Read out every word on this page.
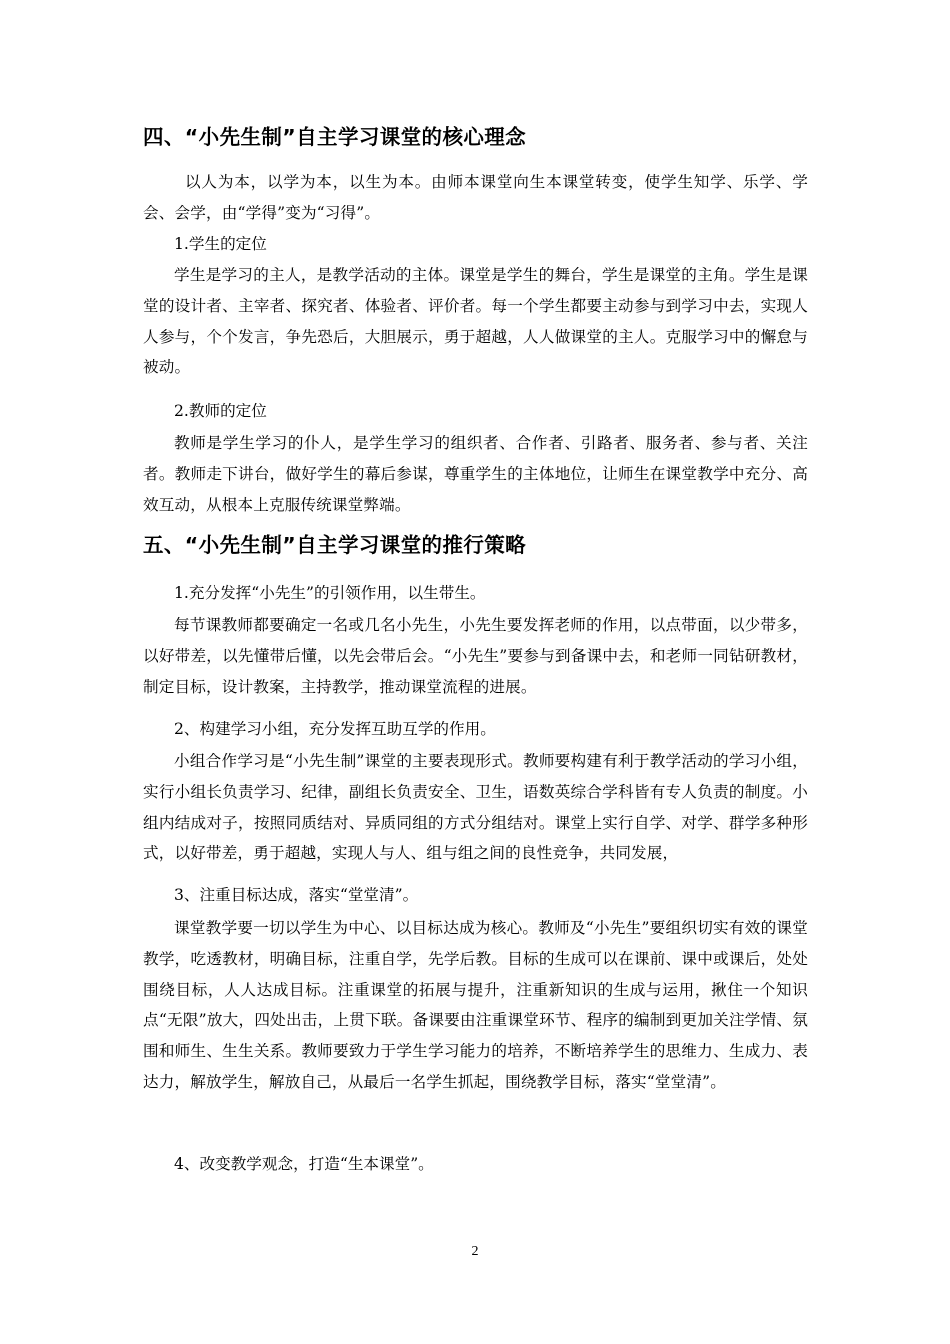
四、“小先生制”自主学习课堂的核心理念

以人为本，以学为本，以生为本。由师本课堂向生本课堂转变，使学生知学、乐学、学会、会学，由“学得”变为“习得”。

1.学生的定位

学生是学习的主人，是教学活动的主体。课堂是学生的舞台，学生是课堂的主角。学生是课堂的设计者、主宰者、探究者、体验者、评价者。每一个学生都要主动参与到学习中去，实现人人参与，个个发言，争先恐后，大胆展示，勇于超越，人人做课堂的主人。克服学习中的懈怠与被动。

2.教师的定位

教师是学生学习的仆人，是学生学习的组织者、合作者、引路者、服务者、参与者、关注者。教师走下讲台，做好学生的幕后参谋，尊重学生的主体地位，让师生在课堂教学中充分、高效互动，从根本上克服传统课堂弊端。

五、“小先生制”自主学习课堂的推行策略

1.充分发挥“小先生”的引领作用，以生带生。

每节课教师都要确定一名或几名小先生，小先生要发挥老师的作用，以点带面，以少带多，以好带差，以先懂带后懂，以先会带后会。“小先生”要参与到备课中去，和老师一同钻研教材，制定目标，设计教案，主持教学，推动课堂流程的进展。

2、构建学习小组，充分发挥互助互学的作用。

小组合作学习是“小先生制”课堂的主要表现形式。教师要构建有利于教学活动的学习小组，实行小组长负责学习、纪律，副组长负责安全、卫生，语数英综合学科皆有专人负责的制度。小组内结成对子，按照同质结对、异质同组的方式分组结对。课堂上实行自学、对学、群学多种形式，以好带差，勇于超越，实现人与人、组与组之间的良性竞争，共同发展，

3、注重目标达成，落实“堂堂清”。

课堂教学要一切以学生为中心、以目标达成为核心。教师及“小先生”要组织切实有效的课堂教学，吃透教材，明确目标，注重自学，先学后教。目标的生成可以在课前、课中或课后，处处围绕目标，人人达成目标。注重课堂的拓展与提升，注重新知识的生成与运用，揪住一个知识点“无限”放大，四处出击，上贯下联。备课要由注重课堂环节、程序的编制到更加关注学情、氛围和师生、生生关系。教师要致力于学生学习能力的培养，不断培养学生的思维力、生成力、表达力，解放学生，解放自己，从最后一名学生抓起，围绕教学目标，落实“堂堂清”。

4、改变教学观念，打造“生本课堂”。

2
